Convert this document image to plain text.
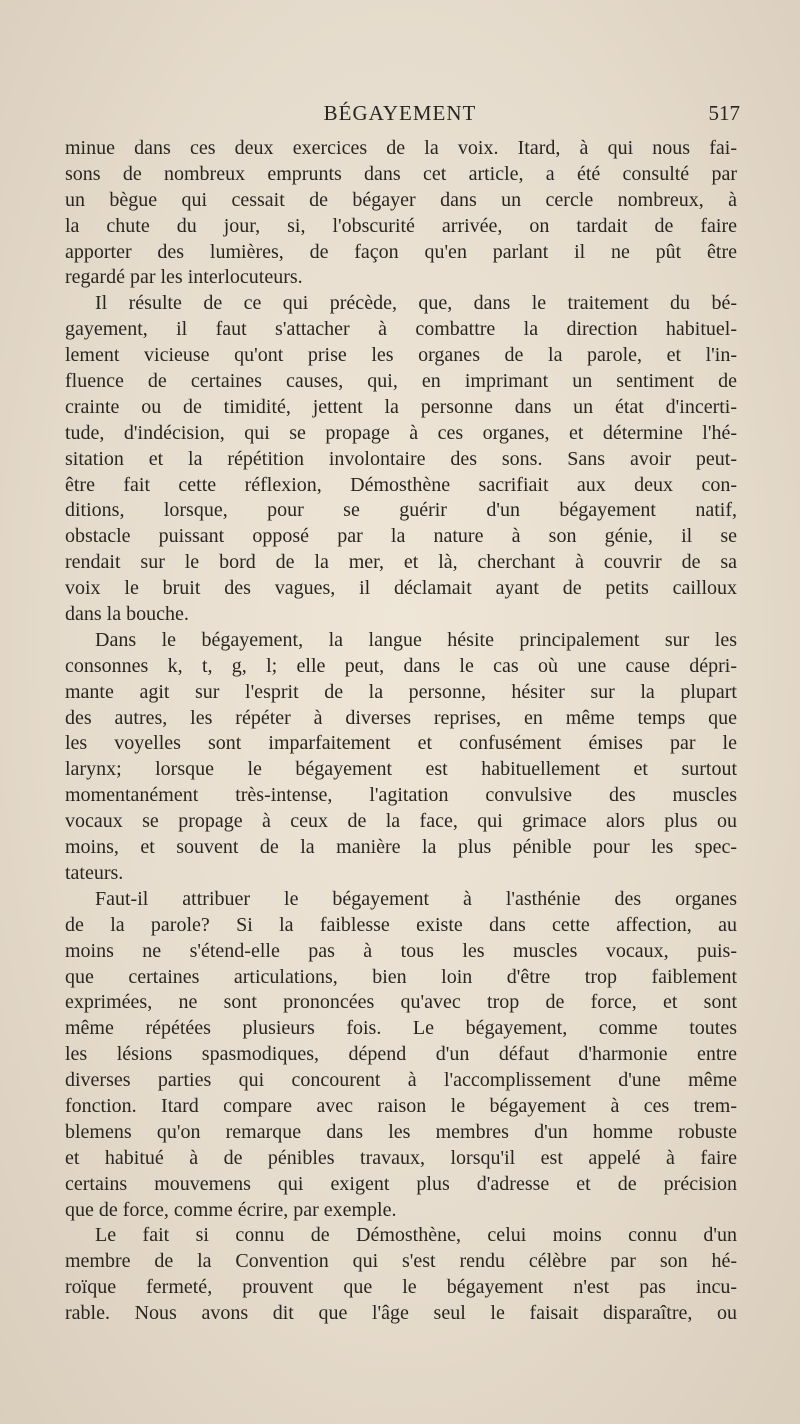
BÉGAYEMENT	517
minue dans ces deux exercices de la voix. Itard, à qui nous fai-
sons de nombreux emprunts dans cet article, a été consulté par
un bègue qui cessait de bégayer dans un cercle nombreux, à
la chute du jour, si, l'obscurité arrivée, on tardait de faire
apporter des lumières, de façon qu'en parlant il ne pût être
regardé par les interlocuteurs.
Il résulte de ce qui précède, que, dans le traitement du bé-
gayement, il faut s'attacher à combattre la direction habituel-
lement vicieuse qu'ont prise les organes de la parole, et l'in-
fluence de certaines causes, qui, en imprimant un sentiment de
crainte ou de timidité, jettent la personne dans un état d'incerti-
tude, d'indécision, qui se propage à ces organes, et détermine l'hé-
sitation et la répétition involontaire des sons. Sans avoir peut-
être fait cette réflexion, Démosthène sacrifiait aux deux con-
ditions, lorsque, pour se guérir d'un bégayement natif,
obstacle puissant opposé par la nature à son génie, il se
rendait sur le bord de la mer, et là, cherchant à couvrir de sa
voix le bruit des vagues, il déclamait ayant de petits cailloux
dans la bouche.
Dans le bégayement, la langue hésite principalement sur les
consonnes k, t, g, l; elle peut, dans le cas où une cause dépri-
mante agit sur l'esprit de la personne, hésiter sur la plupart
des autres, les répéter à diverses reprises, en même temps que
les voyelles sont imparfaitement et confusément émises par le
larynx; lorsque le bégayement est habituellement et surtout
momentanément très-intense, l'agitation convulsive des muscles
vocaux se propage à ceux de la face, qui grimace alors plus ou
moins, et souvent de la manière la plus pénible pour les spec-
tateurs.
Faut-il attribuer le bégayement à l'asthénie des organes
de la parole? Si la faiblesse existe dans cette affection, au
moins ne s'étend-elle pas à tous les muscles vocaux, puis-
que certaines articulations, bien loin d'être trop faiblement
exprimées, ne sont prononcées qu'avec trop de force, et sont
même répétées plusieurs fois. Le bégayement, comme toutes
les lésions spasmodiques, dépend d'un défaut d'harmonie entre
diverses parties qui concourent à l'accomplissement d'une même
fonction. Itard compare avec raison le bégayement à ces trem-
blemens qu'on remarque dans les membres d'un homme robuste
et habitué à de pénibles travaux, lorsqu'il est appelé à faire
certains mouvemens qui exigent plus d'adresse et de précision
que de force, comme écrire, par exemple.
Le fait si connu de Démosthène, celui moins connu d'un
membre de la Convention qui s'est rendu célèbre par son hé-
roïque fermeté, prouvent que le bégayement n'est pas incu-
rable. Nous avons dit que l'âge seul le faisait disparaître, ou
